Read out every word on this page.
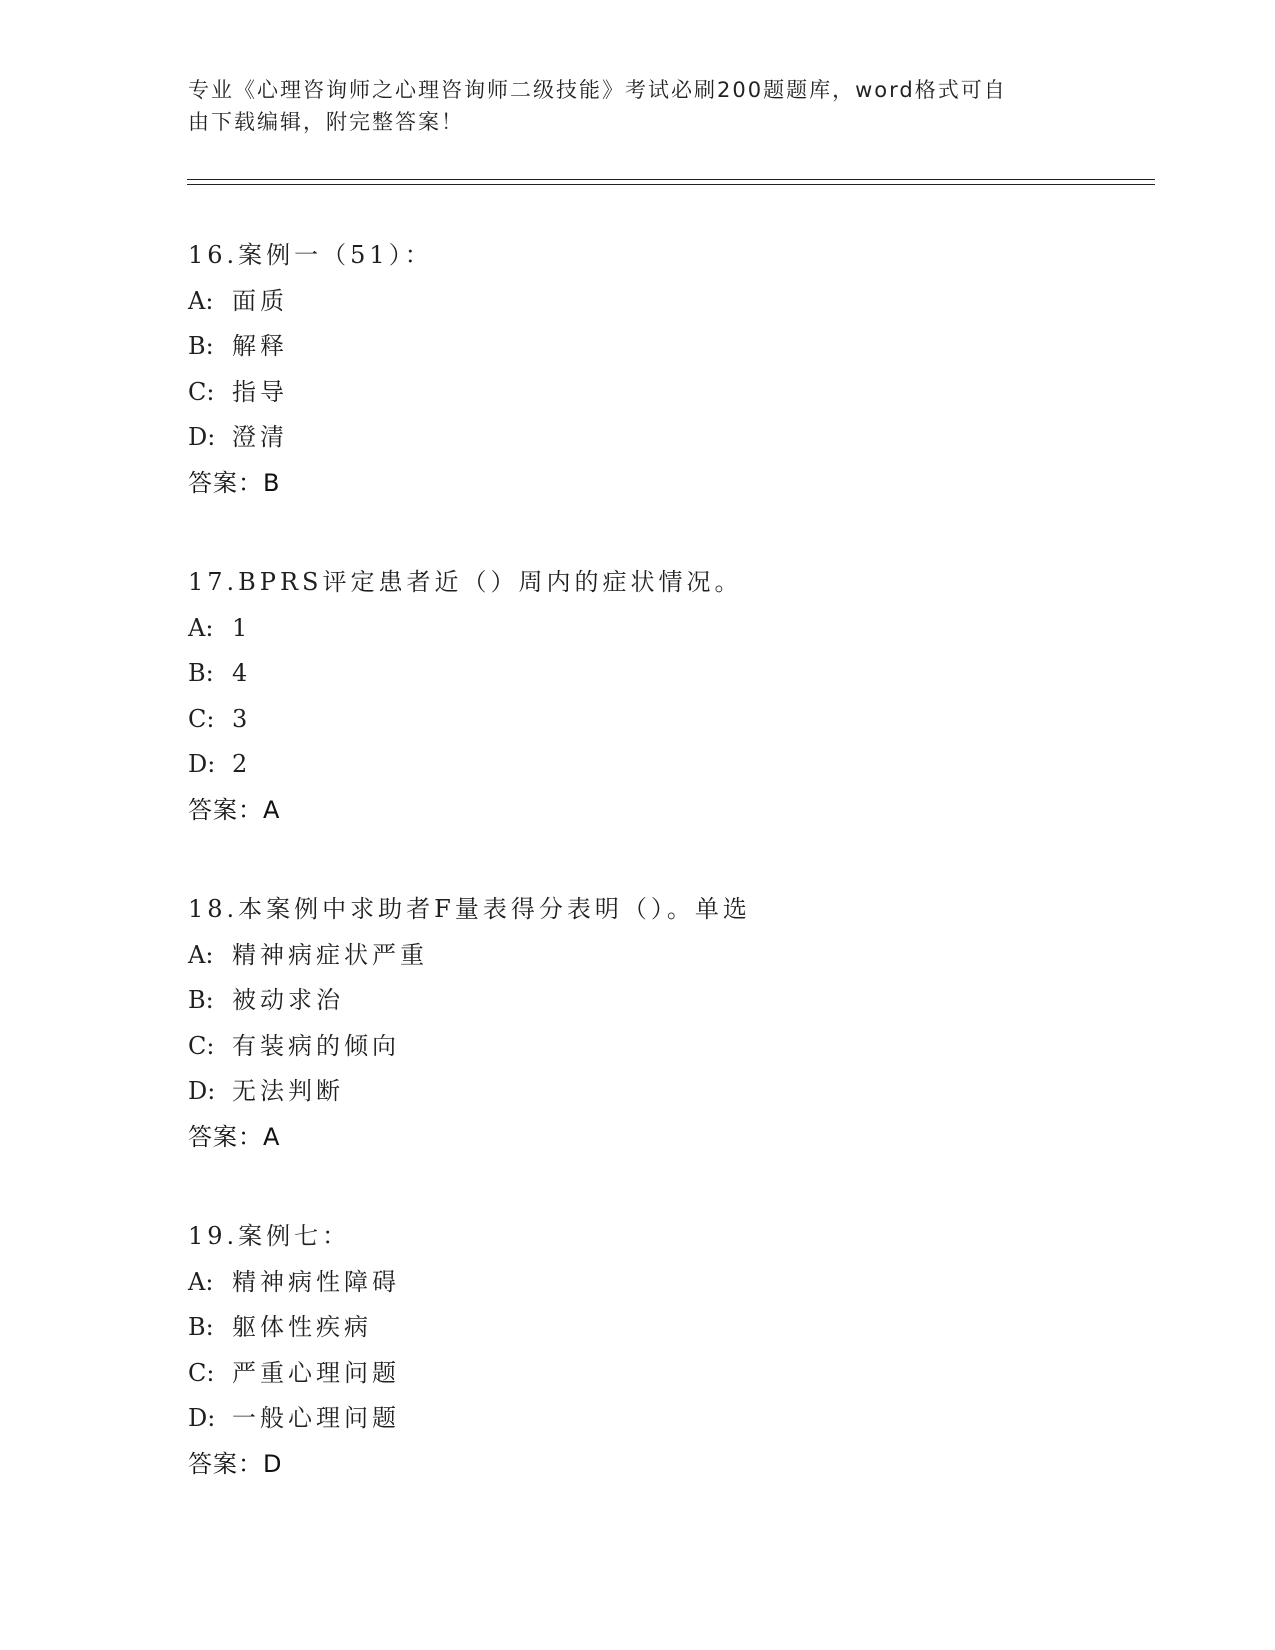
专业《心理咨询师之心理咨询师二级技能》考试必刷200题题库，word格式可自

由下载编辑，附完整答案！

16.案例一（51）：
A: 面质
B: 解释
C: 指导
D: 澄清
答案：B
17.BPRS评定患者近（）周内的症状情况。
A: 1
B: 4
C: 3
D: 2
答案：A
18.本案例中求助者F量表得分表明（）。单选
A: 精神病症状严重
B: 被动求治
C: 有装病的倾向
D: 无法判断
答案：A
19.案例七：
A: 精神病性障碍
B: 躯体性疾病
C: 严重心理问题
D: 一般心理问题
答案：D
